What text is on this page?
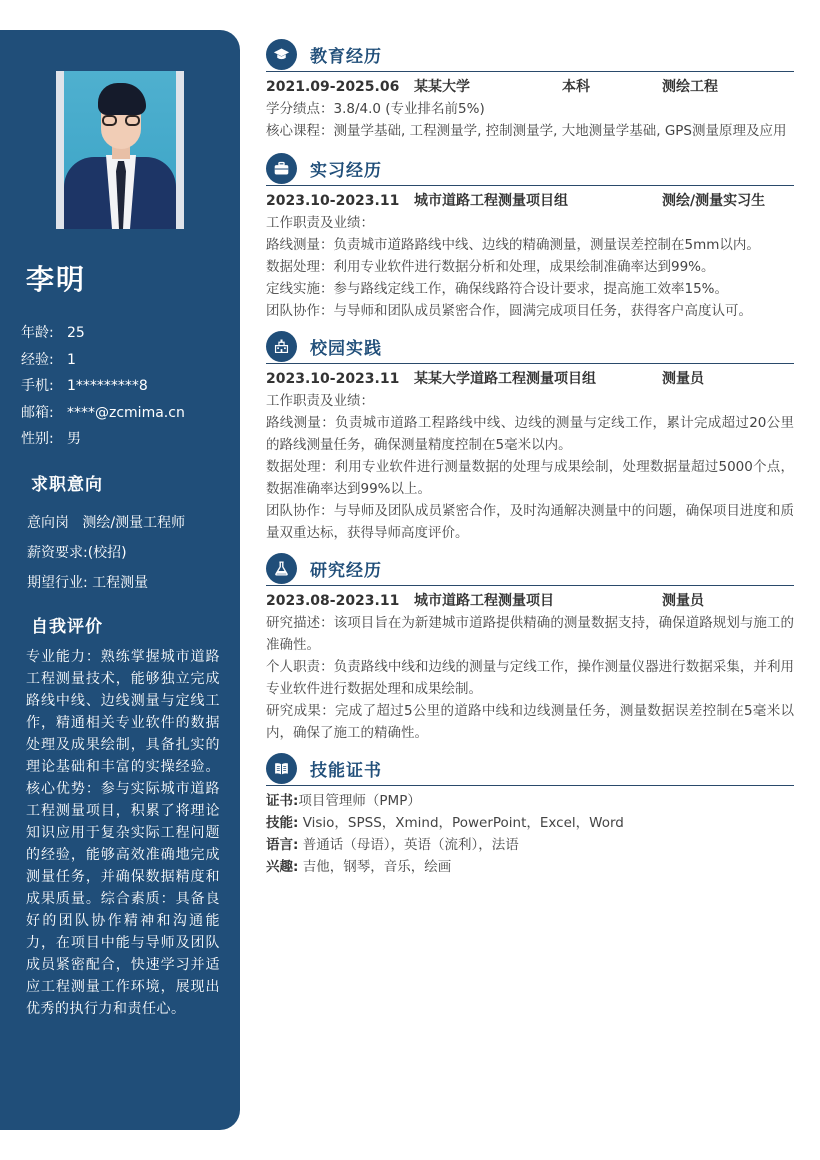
李明
年龄: 25
经验: 1
手机: 1*********8
邮箱: ****@zcmima.cn
性别: 男
求职意向
意向岗   测绘/测量工程师
薪资要求:(校招)
期望行业: 工程测量
自我评价
专业能力：熟练掌握城市道路工程测量技术，能够独立完成路线中线、边线测量与定线工作，精通相关专业软件的数据处理及成果绘制，具备扎实的理论基础和丰富的实操经验。核心优势：参与实际城市道路工程测量项目，积累了将理论知识应用于复杂实际工程问题的经验，能够高效准确地完成测量任务，并确保数据精度和成果质量。综合素质：具备良好的团队协作精神和沟通能力，在项目中能与导师及团队成员紧密配合，快速学习并适应工程测量工作环境，展现出优秀的执行力和责任心。
教育经历
2021.09-2025.06	某某大学	本科	测绘工程
学分绩点：3.8/4.0 (专业排名前5%)
核心课程：测量学基础, 工程测量学, 控制测量学, 大地测量学基础, GPS测量原理及应用
实习经历
2023.10-2023.11	城市道路工程测量项目组	测绘/测量实习生
工作职责及业绩：
路线测量：负责城市道路路线中线、边线的精确测量，测量误差控制在5mm以内。
数据处理：利用专业软件进行数据分析和处理，成果绘制准确率达到99%。
定线实施：参与路线定线工作，确保线路符合设计要求，提高施工效率15%。
团队协作：与导师和团队成员紧密合作，圆满完成项目任务，获得客户高度认可。
校园实践
2023.10-2023.11	某某大学道路工程测量项目组	测量员
工作职责及业绩：
路线测量：负责城市道路工程路线中线、边线的测量与定线工作，累计完成超过20公里的路线测量任务，确保测量精度控制在5毫米以内。
数据处理：利用专业软件进行测量数据的处理与成果绘制，处理数据量超过5000个点，数据准确率达到99%以上。
团队协作：与导师及团队成员紧密合作，及时沟通解决测量中的问题，确保项目进度和质量双重达标，获得导师高度评价。
研究经历
2023.08-2023.11	城市道路工程测量项目	测量员
研究描述：该项目旨在为新建城市道路提供精确的测量数据支持，确保道路规划与施工的准确性。
个人职责：负责路线中线和边线的测量与定线工作，操作测量仪器进行数据采集，并利用专业软件进行数据处理和成果绘制。
研究成果：完成了超过5公里的道路中线和边线测量任务，测量数据误差控制在5毫米以内，确保了施工的精确性。
技能证书
证书:项目管理师（PMP）
技能: Visio，SPSS，Xmind，PowerPoint，Excel，Word
语言: 普通话（母语），英语（流利），法语
兴趣: 吉他，钢琴，音乐，绘画
